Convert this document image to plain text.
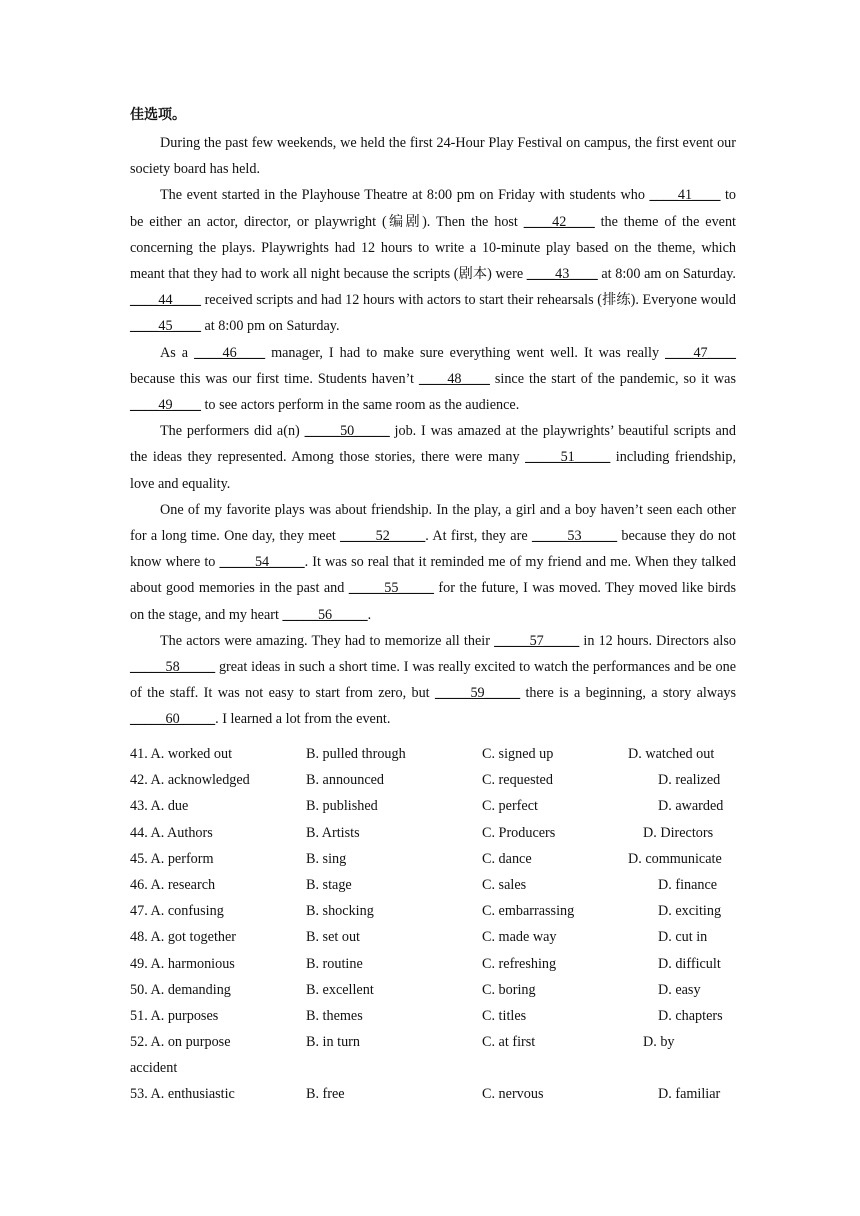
佳选项。

During the past few weekends, we held the first 24-Hour Play Festival on campus, the first event our society board has held.

The event started in the Playhouse Theatre at 8:00 pm on Friday with students who ____41____ to be either an actor, director, or playwright (编剧). Then the host ____42____ the theme of the event concerning the plays. Playwrights had 12 hours to write a 10-minute play based on the theme, which meant that they had to work all night because the scripts (剧本) were ____43____ at 8:00 am on Saturday. ____44____ received scripts and had 12 hours with actors to start their rehearsals (排练). Everyone would ____45____ at 8:00 pm on Saturday.

As a ____46____ manager, I had to make sure everything went well. It was really ____47____ because this was our first time. Students haven’t ____48____ since the start of the pandemic, so it was ____49____ to see actors perform in the same room as the audience.

The performers did a(n) _____50_____ job. I was amazed at the playwrights’ beautiful scripts and the ideas they represented. Among those stories, there were many _____51_____ including friendship, love and equality.

One of my favorite plays was about friendship. In the play, a girl and a boy haven’t seen each other for a long time. One day, they meet _____52_____. At first, they are _____53_____ because they do not know where to _____54_____. It was so real that it reminded me of my friend and me. When they talked about good memories in the past and _____55_____ for the future, I was moved. They moved like birds on the stage, and my heart _____56_____.

The actors were amazing. They had to memorize all their _____57_____ in 12 hours. Directors also _____58_____ great ideas in such a short time. I was really excited to watch the performances and be one of the staff. It was not easy to start from zero, but _____59_____ there is a beginning, a story always _____60_____. I learned a lot from the event.

41. A. worked out	B. pulled through	C. signed up	D. watched out
42. A. acknowledged	B. announced	C. requested	D. realized
43. A. due	B. published	C. perfect	D. awarded
44. A. Authors	B. Artists	C. Producers	D. Directors
45. A. perform	B. sing	C. dance	D. communicate
46. A. research	B. stage	C. sales	D. finance
47. A. confusing	B. shocking	C. embarrassing	D. exciting
48. A. got together	B. set out	C. made way	D. cut in
49. A. harmonious	B. routine	C. refreshing	D. difficult
50. A. demanding	B. excellent	C. boring	D. easy
51. A. purposes	B. themes	C. titles	D. chapters
52. A. on purpose	B. in turn	C. at first	D. by
accident
53. A. enthusiastic	B. free	C. nervous	D. familiar
